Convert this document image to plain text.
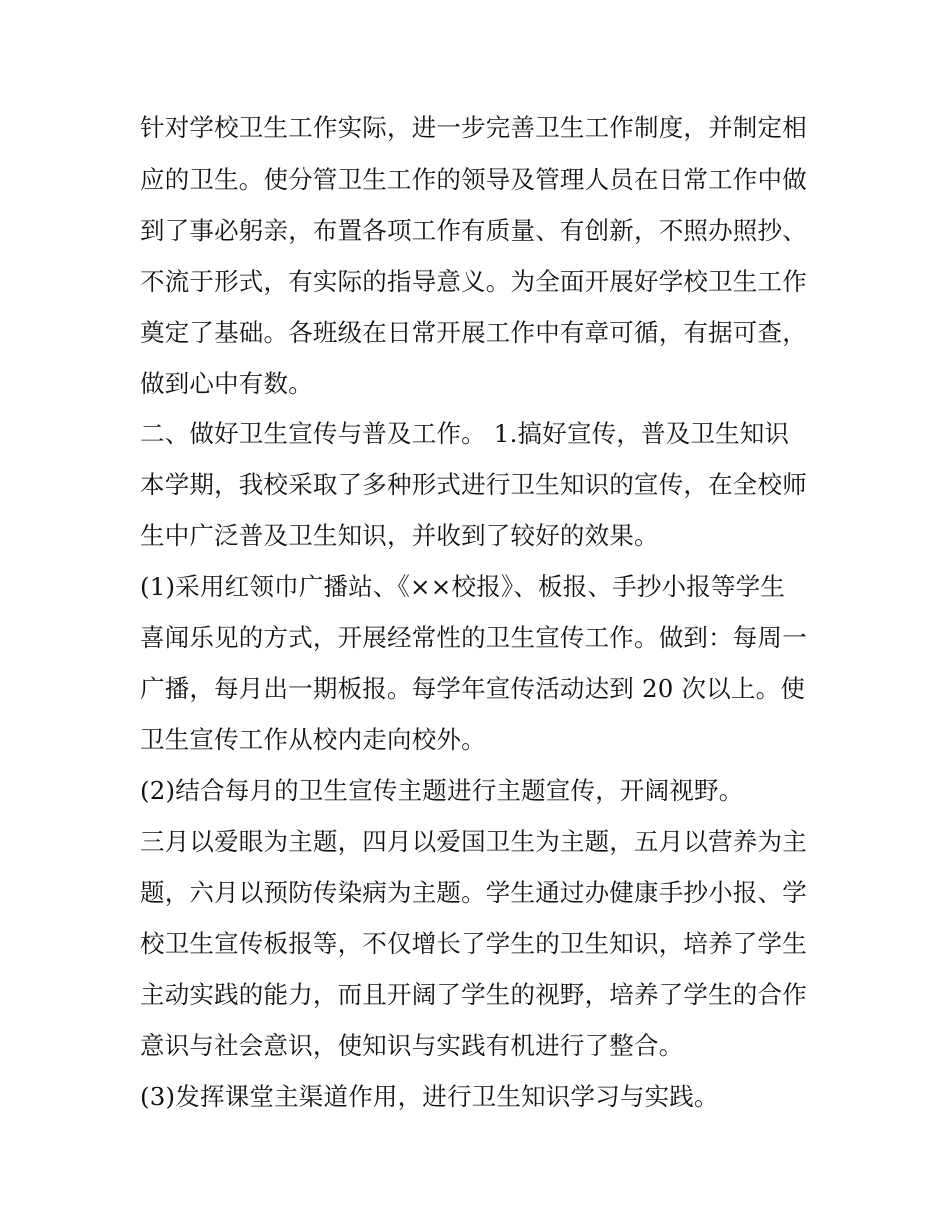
针对学校卫生工作实际，进一步完善卫生工作制度，并制定相
应的卫生。使分管卫生工作的领导及管理人员在日常工作中做
到了事必躬亲，布置各项工作有质量、有创新，不照办照抄、
不流于形式，有实际的指导意义。为全面开展好学校卫生工作
奠定了基础。各班级在日常开展工作中有章可循，有据可查，
做到心中有数。
二、做好卫生宣传与普及工作。 1.搞好宣传，普及卫生知识
本学期，我校采取了多种形式进行卫生知识的宣传，在全校师
生中广泛普及卫生知识，并收到了较好的效果。
(1)采用红领巾广播站、《××校报》、板报、手抄小报等学生
喜闻乐见的方式，开展经常性的卫生宣传工作。做到：每周一
广播，每月出一期板报。每学年宣传活动达到 20 次以上。使
卫生宣传工作从校内走向校外。
(2)结合每月的卫生宣传主题进行主题宣传，开阔视野。
三月以爱眼为主题，四月以爱国卫生为主题，五月以营养为主
题，六月以预防传染病为主题。学生通过办健康手抄小报、学
校卫生宣传板报等，不仅增长了学生的卫生知识，培养了学生
主动实践的能力，而且开阔了学生的视野，培养了学生的合作
意识与社会意识，使知识与实践有机进行了整合。
(3)发挥课堂主渠道作用，进行卫生知识学习与实践。
